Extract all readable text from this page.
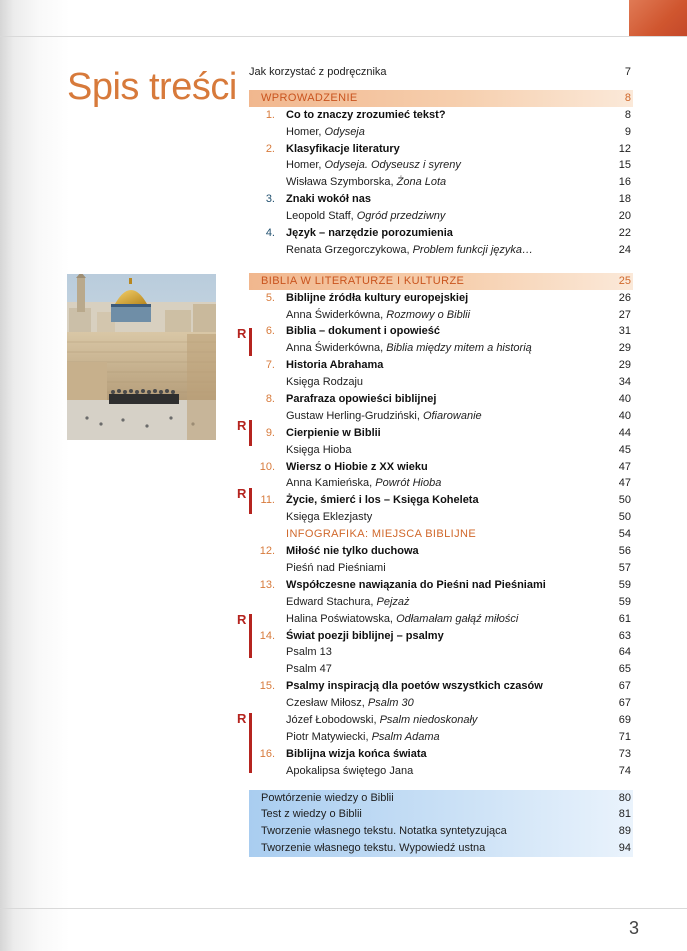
Spis treści
R
R
R
R
R
Jak korzystać z podręcznika	7
WPROWADZENIE	8
1. Co to znaczy zrozumieć tekst?	8
Homer, Odyseja	9
2. Klasyfikacje literatury	12
Homer, Odyseja. Odyseusz i syreny	15
Wisława Szymborska, Żona Lota	16
3. Znaki wokół nas	18
Leopold Staff, Ogród przedziwny	20
4. Język – narzędzie porozumienia	22
Renata Grzegorczykowa, Problem funkcji języka…	24
BIBLIA W LITERATURZE I KULTURZE	25
5. Biblijne źródła kultury europejskiej	26
Anna Świderkówna, Rozmowy o Biblii	27
6. Biblia – dokument i opowieść	31
Anna Świderkówna, Biblia między mitem a historią	29
7. Historia Abrahama	29
Księga Rodzaju	34
8. Parafraza opowieści biblijnej	40
Gustaw Herling-Grudziński, Ofiarowanie	40
9. Cierpienie w Biblii	44
Księga Hioba	45
10. Wiersz o Hiobie z XX wieku	47
Anna Kamieńska, Powrót Hioba	47
11. Życie, śmierć i los – Księga Koheleta	50
Księga Eklezjasty	50
INFOGRAFIKA: MIEJSCA BIBLIJNE	54
12. Miłość nie tylko duchowa	56
Pieśń nad Pieśniami	57
13. Współczesne nawiązania do Pieśni nad Pieśniami	59
Edward Stachura, Pejzaż	59
Halina Poświatowska, Odłamałam gałąź miłości	61
14. Świat poezji biblijnej – psalmy	63
Psalm 13	64
Psalm 47	65
15. Psalmy inspiracją dla poetów wszystkich czasów	67
Czesław Miłosz, Psalm 30	67
Józef Łobodowski, Psalm niedoskonały	69
Piotr Matywiecki, Psalm Adama	71
16. Biblijna wizja końca świata	73
Apokalipsa świętego Jana	74
Powtórzenie wiedzy o Biblii	80
Test z wiedzy o Biblii	81
Tworzenie własnego tekstu. Notatka syntetyzująca	89
Tworzenie własnego tekstu. Wypowiedź ustna	94
3
